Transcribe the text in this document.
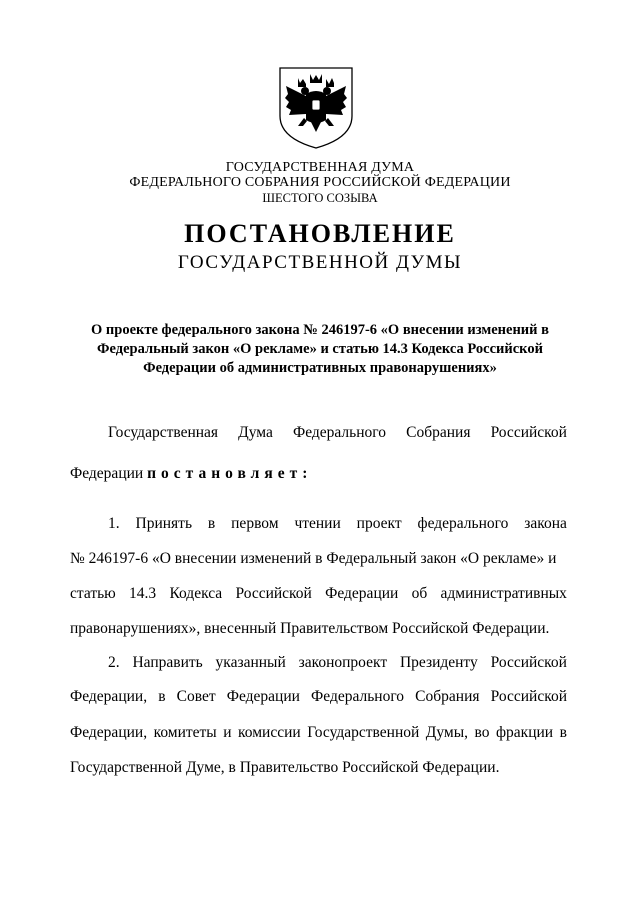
ГОСУДАРСТВЕННАЯ ДУМА
ФЕДЕРАЛЬНОГО СОБРАНИЯ РОССИЙСКОЙ ФЕДЕРАЦИИ
ШЕСТОГО СОЗЫВА
ПОСТАНОВЛЕНИЕ
ГОСУДАРСТВЕННОЙ ДУМЫ
О проекте федерального закона № 246197-6 «О внесении изменений в
Федеральный закон «О рекламе» и статью 14.3 Кодекса Российской
Федерации об административных правонарушениях»
Государственная Дума Федерального Собрания Российской
Федерации постановляет:
1. Принять в первом чтении проект федерального закона
№ 246197-6 «О внесении изменений в Федеральный закон «О рекламе» и
статью 14.3 Кодекса Российской Федерации об административных
правонарушениях», внесенный Правительством Российской Федерации.
2. Направить указанный законопроект Президенту Российской
Федерации, в Совет Федерации Федерального Собрания Российской
Федерации, комитеты и комиссии Государственной Думы, во фракции в
Государственной Думе, в Правительство Российской Федерации.
